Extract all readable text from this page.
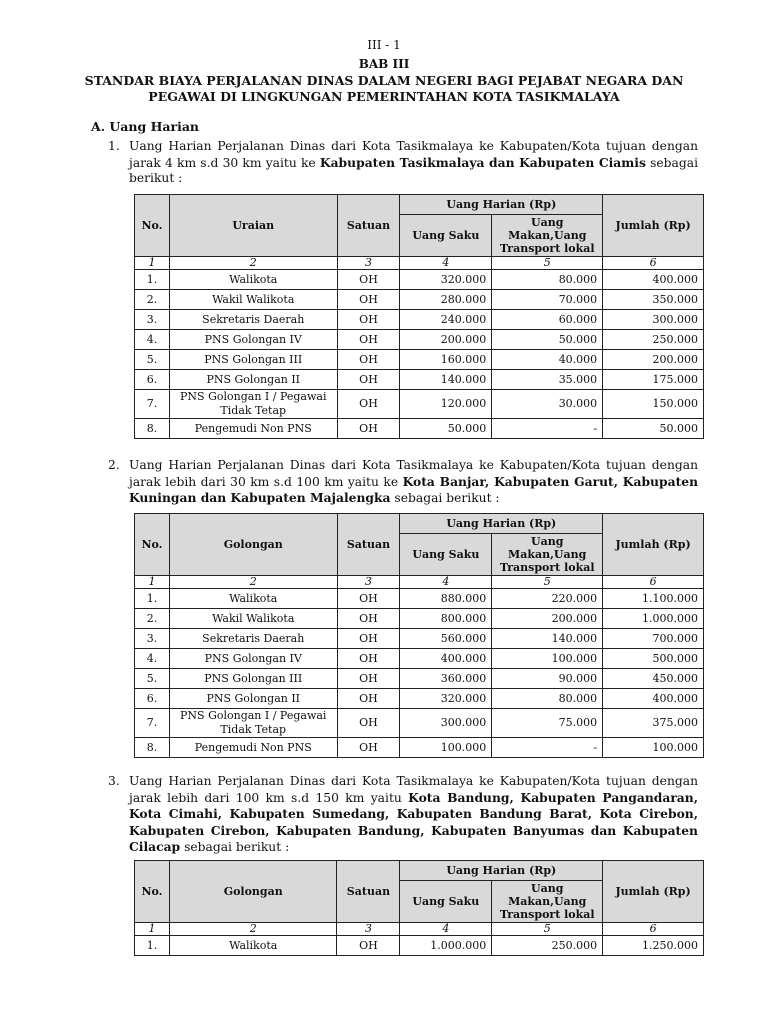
III - 1
BAB III
STANDAR BIAYA PERJALANAN DINAS DALAM NEGERI BAGI PEJABAT NEGARA DAN PEGAWAI DI LINGKUNGAN PEMERINTAHAN KOTA TASIKMALAYA
A. Uang Harian
1. Uang Harian Perjalanan Dinas dari Kota Tasikmalaya ke Kabupaten/Kota tujuan dengan jarak 4 km s.d 30 km yaitu ke Kabupaten Tasikmalaya dan Kabupaten Ciamis sebagai berikut :
No.	Uraian	Satuan	Uang Harian (Rp)		Jumlah (Rp)
			Uang Saku	Uang Makan,Uang Transport lokal	
1	2	3	4	5	6
1.	Walikota	OH	320.000	80.000	400.000
2.	Wakil Walikota	OH	280.000	70.000	350.000
3.	Sekretaris Daerah	OH	240.000	60.000	300.000
4.	PNS Golongan IV	OH	200.000	50.000	250.000
5.	PNS Golongan III	OH	160.000	40.000	200.000
6.	PNS Golongan II	OH	140.000	35.000	175.000
7.	PNS Golongan I / Pegawai Tidak Tetap	OH	120.000	30.000	150.000
8.	Pengemudi Non PNS	OH	50.000	-	50.000
2. Uang Harian Perjalanan Dinas dari Kota Tasikmalaya ke Kabupaten/Kota tujuan dengan jarak lebih dari 30 km s.d 100 km yaitu ke Kota Banjar, Kabupaten Garut, Kabupaten Kuningan dan Kabupaten Majalengka sebagai berikut :
No.	Golongan	Satuan	Uang Harian (Rp)		Jumlah (Rp)
			Uang Saku	Uang Makan,Uang Transport lokal	
1	2	3	4	5	6
1.	Walikota	OH	880.000	220.000	1.100.000
2.	Wakil Walikota	OH	800.000	200.000	1.000.000
3.	Sekretaris Daerah	OH	560.000	140.000	700.000
4.	PNS Golongan IV	OH	400.000	100.000	500.000
5.	PNS Golongan III	OH	360.000	90.000	450.000
6.	PNS Golongan II	OH	320.000	80.000	400.000
7.	PNS Golongan I / Pegawai Tidak Tetap	OH	300.000	75.000	375.000
8.	Pengemudi Non PNS	OH	100.000	-	100.000
3. Uang Harian Perjalanan Dinas dari Kota Tasikmalaya ke Kabupaten/Kota tujuan dengan jarak lebih dari 100 km s.d 150 km yaitu Kota Bandung, Kabupaten Pangandaran, Kota Cimahi, Kabupaten Sumedang, Kabupaten Bandung Barat, Kota Cirebon, Kabupaten Cirebon, Kabupaten Bandung, Kabupaten Banyumas dan Kabupaten Cilacap sebagai berikut :
No.	Golongan	Satuan	Uang Harian (Rp)		Jumlah (Rp)
			Uang Saku	Uang Makan,Uang Transport lokal	
1	2	3	4	5	6
1.	Walikota	OH	1.000.000	250.000	1.250.000
